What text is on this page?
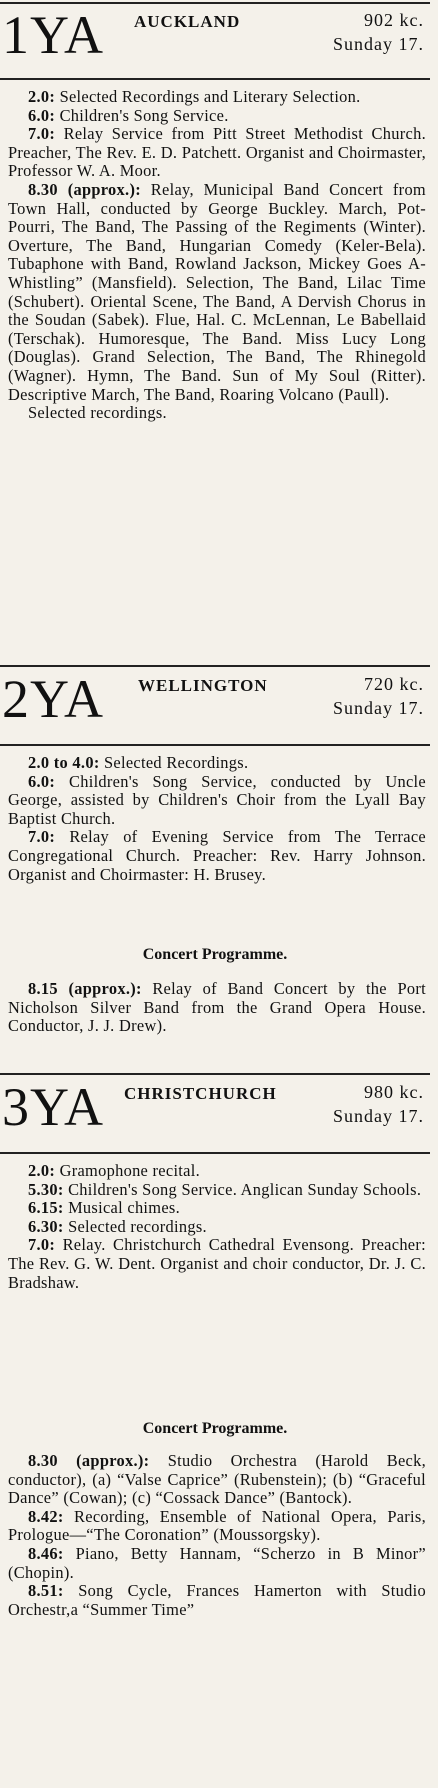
1YA AUCKLAND	902 kc.
Sunday 17.

2.0: Selected Recordings and Literary Selection.

6.0: Children's Song Service.

7.0: Relay Service from Pitt Street Methodist Church. Preacher, The Rev. E. D. Patchett. Organist and Choirmaster, Professor W. A. Moor.

8.30 (approx.): Relay, Municipal Band Concert from Town Hall, conducted by George Buckley. March, Pot-Pourri, The Band, The Passing of the Regiments (Winter). Overture, The Band, Hungarian Comedy (Keler-Bela). Tubaphone with Band, Rowland Jackson, Mickey Goes A-Whistling” (Mansfield). Selection, The Band, Lilac Time (Schubert). Oriental Scene, The Band, A Dervish Chorus in the Soudan (Sabek). Flue, Hal. C. McLennan, Le Babellaid (Terschak). Humoresque, The Band. Miss Lucy Long (Douglas). Grand Selection, The Band, The Rhinegold (Wagner). Hymn, The Band. Sun of My Soul (Ritter). Descriptive March, The Band, Roaring Volcano (Paull).

Selected recordings.

2YA WELLINGTON	720 kc.
Sunday 17.

2.0 to 4.0: Selected Recordings.

6.0: Children's Song Service, conducted by Uncle George, assisted by Children's Choir from the Lyall Bay Baptist Church.

7.0: Relay of Evening Service from The Terrace Congregational Church. Preacher: Rev. Harry Johnson. Organist and Choirmaster: H. Brusey.

Concert Programme.

8.15 (approx.): Relay of Band Concert by the Port Nicholson Silver Band from the Grand Opera House. Conductor, J. J. Drew).

3YA CHRISTCHURCH	980 kc.
Sunday 17.

2.0: Gramophone recital.

5.30: Children's Song Service. Anglican Sunday Schools.

6.15: Musical chimes.

6.30: Selected recordings.

7.0: Relay. Christchurch Cathedral Evensong. Preacher: The Rev. G. W. Dent. Organist and choir conductor, Dr. J. C. Bradshaw.

Concert Programme.

8.30 (approx.): Studio Orchestra (Harold Beck, conductor), (a) “Valse Caprice” (Rubenstein); (b) “Graceful Dance” (Cowan); (c) “Cossack Dance” (Bantock).

8.42: Recording, Ensemble of National Opera, Paris, Prologue—“The Coronation” (Moussorgsky).

8.46: Piano, Betty Hannam, “Scherzo in B Minor” (Chopin).

8.51: Song Cycle, Frances Hamerton with Studio Orchestr,a “Summer Time”
